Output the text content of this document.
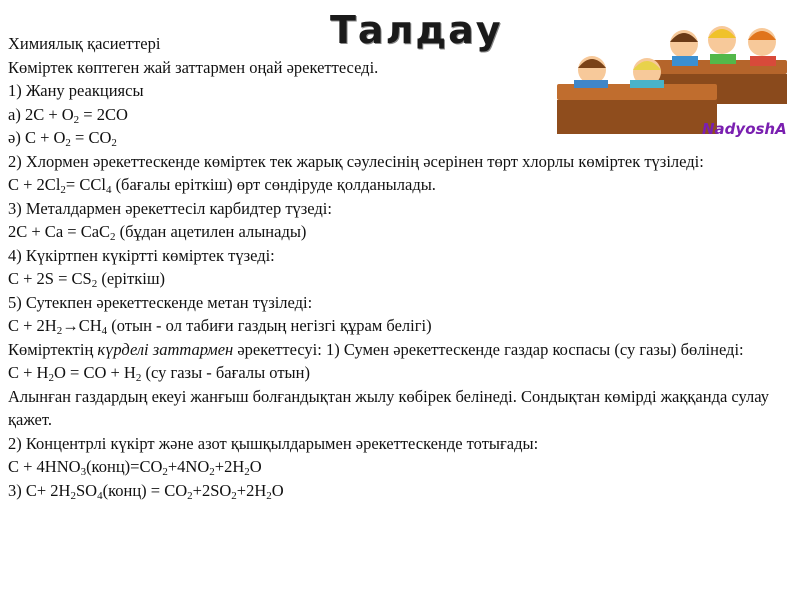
Талдау
NadyoshA

Химиялық қасиеттері

Көміртек көптеген жай заттармен оңай әрекеттеседі.

1) Жану реакциясы

а) $2C + O_2 = 2CO$

ә) $C + O_2 = CO_2$

2) Хлормен әрекеттескенде көміртек тек жарық сәулесінің әсерінен төрт хлорлы көміртек түзіледі:

$C + 2Cl_2= CCl_4$ (бағалы еріткіш) өрт сөндіруде қолданылады.

3) Металдармен әрекеттесіл карбидтер түзеді:

2C + Ca = CaC$_2$ (бұдан ацетилен алынады)

4) Күкіртпен күкіртті көміртек түзеді:

$C + 2S = CS_2$ (еріткіш)

5) Сутекпен әрекеттескенде метан түзіледі:

$C + 2H_2\to CH_4$ (отын - ол табиғи газдың негізгі құрам белігі)

Көміртектің күрделі заттармен әрекеттесуі: 1) Сумен әрекеттескенде газдар коспасы (су газы) бөлінеді:

$C + H_2O$ = CO + $H_2$ (су газы - бағалы отын)

Алынған газдардың екеуі жанғыш болғандықтан жылу көбірек белінеді. Сондықтан көмірді жаққанда сулау қажет.

2) Концентрлі күкірт және азот қышқылдарымен әрекеттескенде тотығады:

$C + 4HNO_3(конц)=CO_2+4NO_2+2H_2O$

3) $C+ 2H_2SO_4(конц) = CO_2+2SO_2+2H_2O$
